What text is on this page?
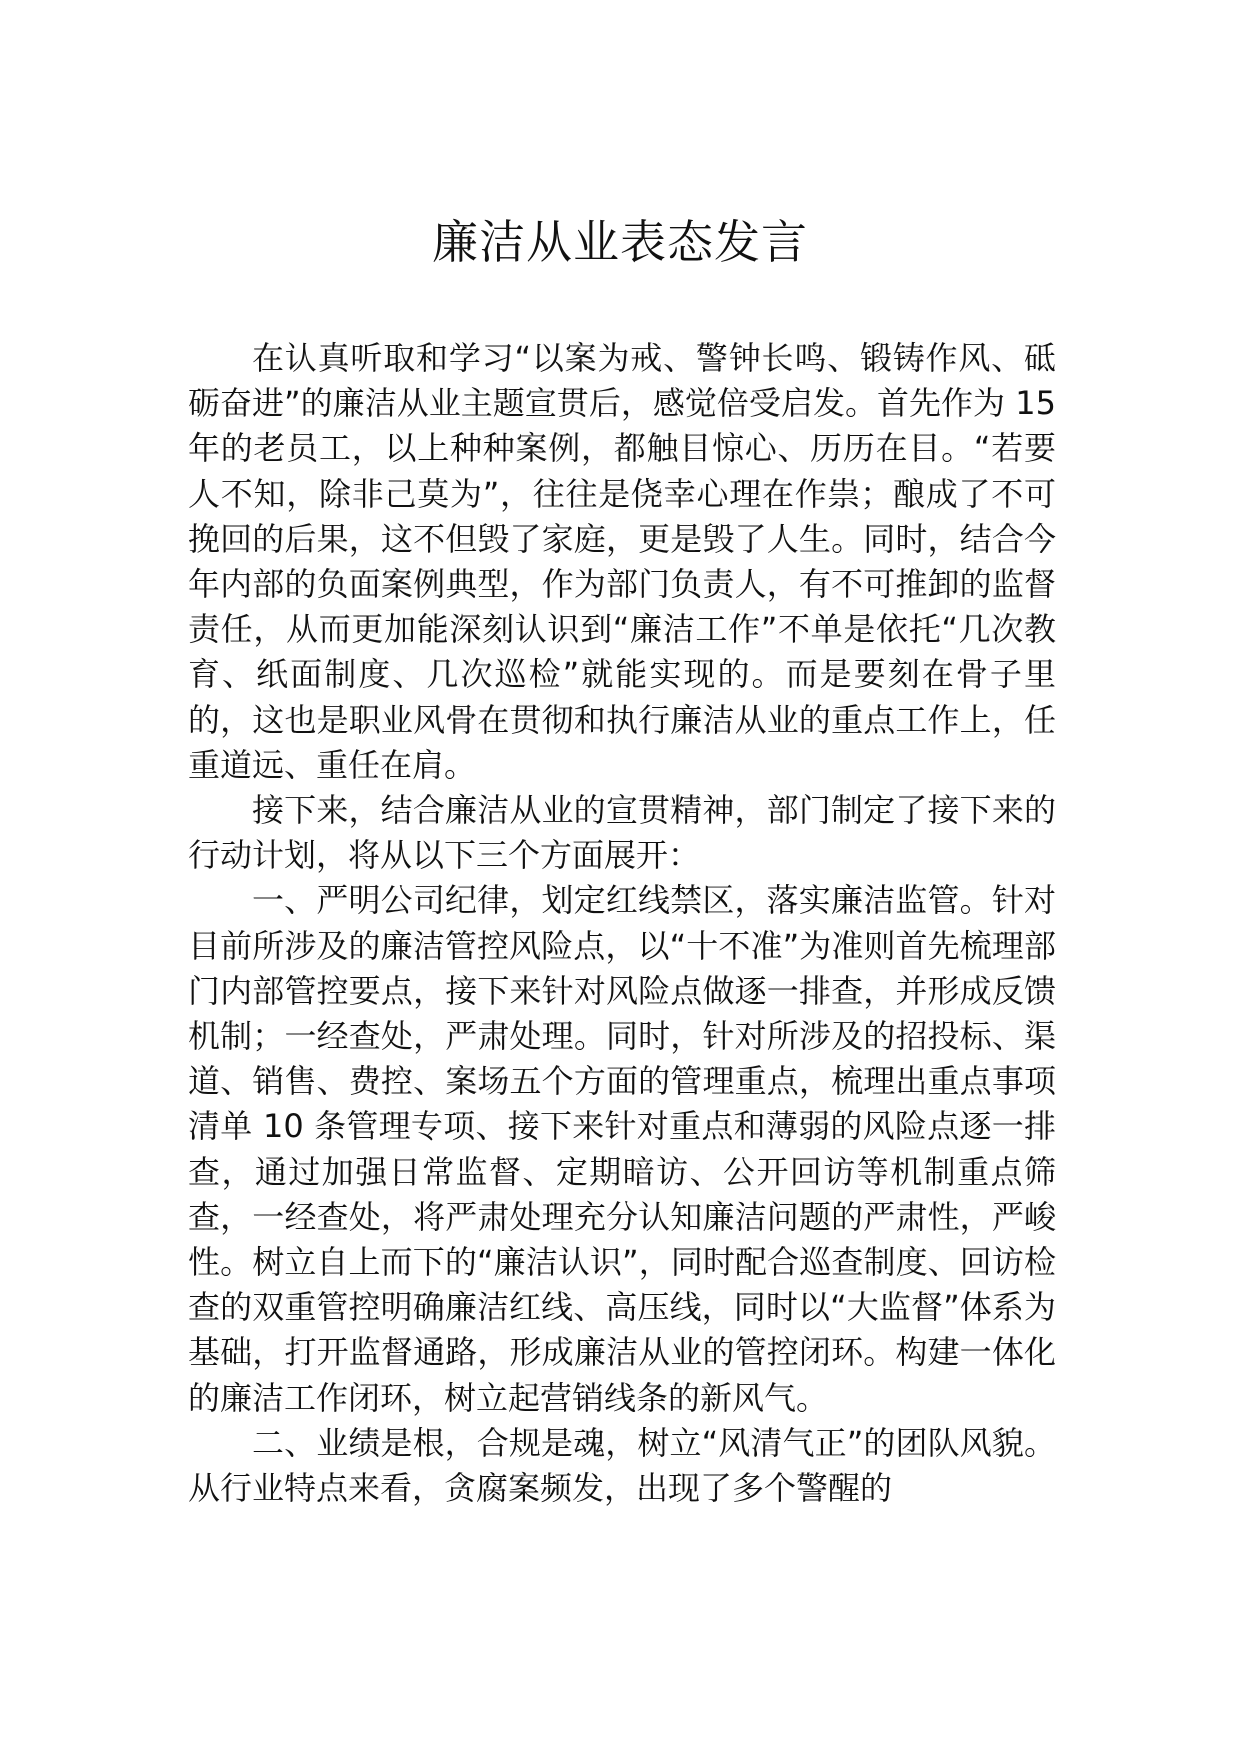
廉洁从业表态发言

在认真听取和学习“以案为戒、警钟长鸣、锻铸作风、砥砺奋进”的廉洁从业主题宣贯后，感觉倍受启发。首先作为 15 年的老员工，以上种种案例，都触目惊心、历历在目。“若要人不知，除非己莫为”，往往是侥幸心理在作祟；酿成了不可挽回的后果，这不但毁了家庭，更是毁了人生。同时，结合今年内部的负面案例典型，作为部门负责人，有不可推卸的监督责任，从而更加能深刻认识到“廉洁工作”不单是依托“几次教育、纸面制度、几次巡检”就能实现的。而是要刻在骨子里的，这也是职业风骨在贯彻和执行廉洁从业的重点工作上，任重道远、重任在肩。

接下来，结合廉洁从业的宣贯精神，部门制定了接下来的行动计划，将从以下三个方面展开：

一、严明公司纪律，划定红线禁区，落实廉洁监管。针对目前所涉及的廉洁管控风险点，以“十不准”为准则首先梳理部门内部管控要点，接下来针对风险点做逐一排查，并形成反馈机制；一经查处，严肃处理。同时，针对所涉及的招投标、渠道、销售、费控、案场五个方面的管理重点，梳理出重点事项清单 10 条管理专项、接下来针对重点和薄弱的风险点逐一排查，通过加强日常监督、定期暗访、公开回访等机制重点筛查，一经查处，将严肃处理充分认知廉洁问题的严肃性，严峻性。树立自上而下的“廉洁认识”，同时配合巡查制度、回访检查的双重管控明确廉洁红线、高压线，同时以“大监督”体系为基础，打开监督通路，形成廉洁从业的管控闭环。构建一体化的廉洁工作闭环，树立起营销线条的新风气。

二、业绩是根，合规是魂，树立“风清气正”的团队风貌。从行业特点来看，贪腐案频发，出现了多个警醒的
